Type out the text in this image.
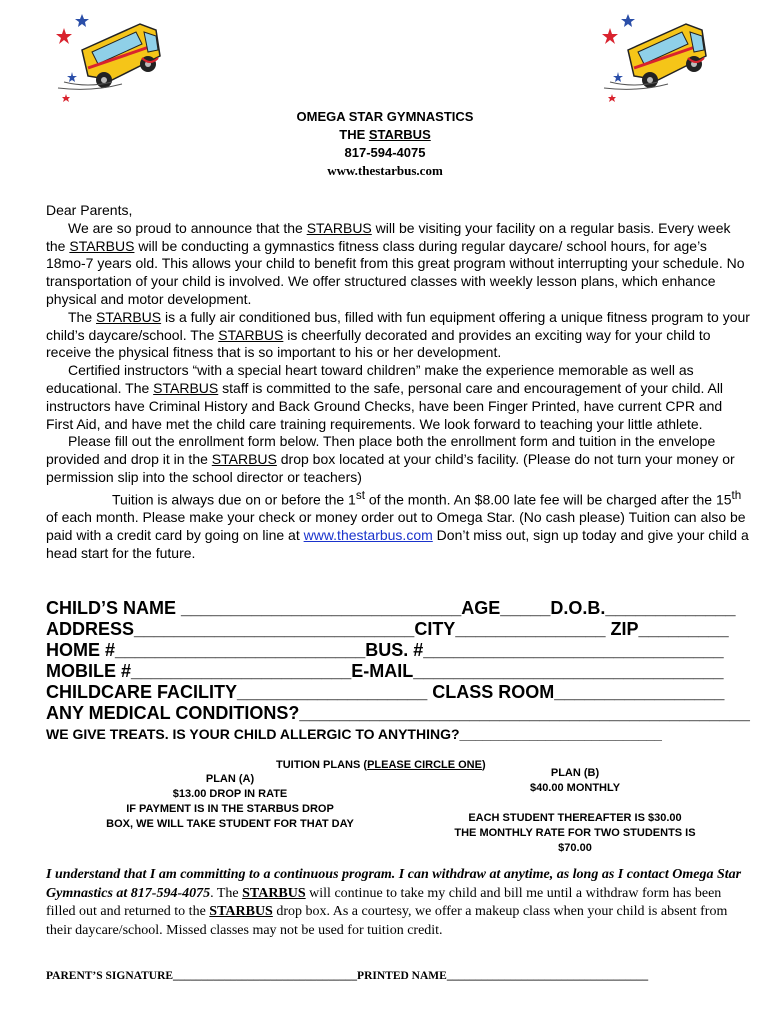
OMEGA STAR GYMNASTICS
THE STARBUS
817-594-4075
www.thestarbus.com

Dear Parents,

We are so proud to announce that the STARBUS will be visiting your facility on a regular basis. Every week the STARBUS will be conducting a gymnastics fitness class during regular daycare/ school hours, for age’s 18mo-7 years old. This allows your child to benefit from this great program without interrupting your schedule. No transportation of your child is involved. We offer structured classes with weekly lesson plans, which enhance physical and motor development.

The STARBUS is a fully air conditioned bus, filled with fun equipment offering a unique fitness program to your child’s daycare/school. The STARBUS is cheerfully decorated and provides an exciting way for your child to receive the physical fitness that is so important to his or her development.

Certified instructors “with a special heart toward children” make the experience memorable as well as educational. The STARBUS staff is committed to the safe, personal care and encouragement of your child. All instructors have Criminal History and Back Ground Checks, have been Finger Printed, have current CPR and First Aid, and have met the child care training requirements. We look forward to teaching your little athlete.

Please fill out the enrollment form below. Then place both the enrollment form and tuition in the envelope provided and drop it in the STARBUS drop box located at your child’s facility. (Please do not turn your money or permission slip into the school director or teachers)

Tuition is always due on or before the 1st of the month. An $8.00 late fee will be charged after the 15th of each month. Please make your check or money order out to Omega Star. (No cash please) Tuition can also be paid with a credit card by going on line at www.thestarbus.com Don’t miss out, sign up today and give your child a head start for the future.

CHILD’S NAME ____________________________AGE_____D.O.B._____________
ADDRESS____________________________CITY_______________ ZIP_________
HOME #_________________________BUS. #______________________________
MOBILE #______________________E-MAIL_______________________________
CHILDCARE FACILITY___________________ CLASS ROOM_________________
ANY MEDICAL CONDITIONS?_____________________________________________
WE GIVE TREATS. IS YOUR CHILD ALLERGIC TO ANYTHING?__________________________
TUITION PLANS (PLEASE CIRCLE ONE)
PLAN (A)
$13.00 DROP IN RATE
IF PAYMENT IS IN THE STARBUS DROP
BOX, WE WILL TAKE STUDENT FOR THAT DAY
PLAN (B)
$40.00 MONTHLY
EACH STUDENT THEREAFTER IS $30.00
THE MONTHLY RATE FOR TWO STUDENTS IS
$70.00
I understand that I am committing to a continuous program. I can withdraw at anytime, as long as I contact Omega Star Gymnastics at 817-594-4075. The STARBUS will continue to take my child and bill me until a withdraw form has been filled out and returned to the STARBUS drop box. As a courtesy, we offer a makeup class when your child is absent from their daycare/school. Missed classes may not be used for tuition credit.
PARENT’S SIGNATURE________________________________PRINTED NAME___________________________________
